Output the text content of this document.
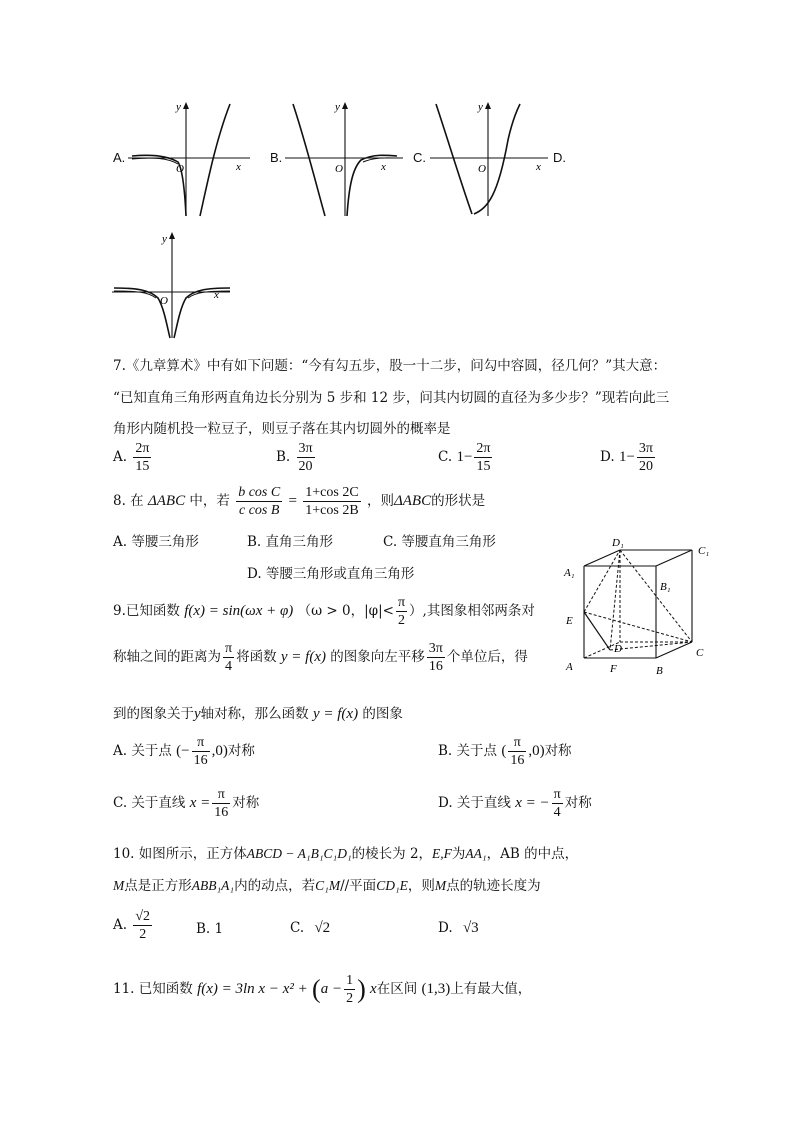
A.
y
x
O
B.
y
x
O
C.
y
x
O
D.
y
x
O
7.《九章算术》中有如下问题：“今有勾五步，股一十二步，问勾中容圆，径几何？”其大意：
“已知直角三角形两直角边长分别为 5 步和 12 步，问其内切圆的直径为多少步？”现若向此三
角形内随机投一粒豆子，则豆子落在其内切圆外的概率是
A. $\frac{2\pi}{15}$	B. $\frac{3\pi}{20}$	C. $1- \frac{2\pi}{15}$	D. $1- \frac{3\pi}{20}$
8. 在 ΔABC 中，若 $\frac{\text{b cos C}}{\text{c cos B}} = \frac{1+\cos 2C}{1+\cos 2B}$ ，则ΔABC的形状是
A. 等腰三角形	B. 直角三角形	C. 等腰直角三角形
D. 等腰三角形或直角三角形
D₁
C₁
A₁
B₁
E
D	C
A	F	B
9.已知函数 f(x) = sin(ωx + φ) （ω > 0，$|\varphi|< \frac{\pi}{2}$ ）,其图象相邻两条对
称轴之间的距离为 $\frac{\pi}{4}$ 将函数 y = f(x) 的图象向左平移 $\frac{3\pi}{16}$ 个单位后，得
到的图象关于y轴对称，那么函数 y = f(x) 的图象
A. 关于点 (− $\frac{\pi}{16} ,0$)对称	B. 关于点 ( $\frac{\pi}{16} ,0$)对称
C. 关于直线 $x = \frac{\pi}{16}$ 对称	D. 关于直线 x = − $\frac{\pi}{4}$ 对称
10. 如图所示，正方体ABCD − A₁B₁C₁D₁的棱长为 2，E,F为AA₁，AB 的中点，
M点是正方形ABB₁A₁内的动点，若C₁M//平面CD₁E，则M点的轨迹长度为
A. $\frac{√2}{2}$	B. 1	C. √2	D. √3
11. 已知函数 f(x) = 3ln $x - x^2 + (a - \frac{1}{2}$ ) x在区间 (1,3)上有最大值，
